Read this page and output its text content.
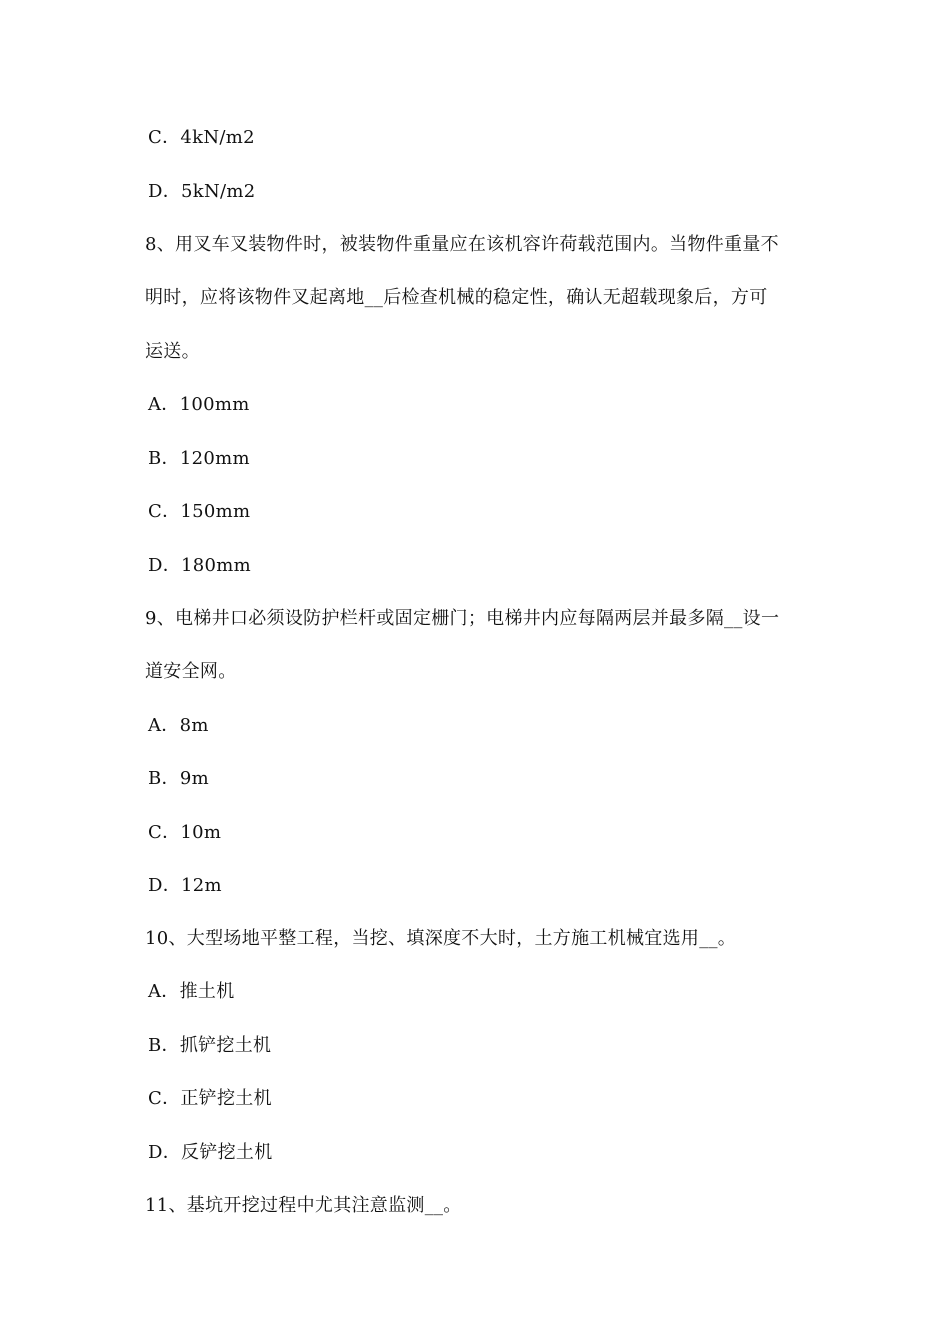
C．4kN/m2
D．5kN/m2
8、用叉车叉装物件时，被装物件重量应在该机容许荷载范围内。当物件重量不
明时，应将该物件叉起离地__后检查机械的稳定性，确认无超载现象后，方可
运送。
A．100mm
B．120mm
C．150mm
D．180mm
9、电梯井口必须设防护栏杆或固定栅门；电梯井内应每隔两层并最多隔__设一
道安全网。
A．8m
B．9m
C．10m
D．12m
10、大型场地平整工程，当挖、填深度不大时，土方施工机械宜选用__。
A．推土机
B．抓铲挖土机
C．正铲挖土机
D．反铲挖土机
11、基坑开挖过程中尤其注意监测__。
